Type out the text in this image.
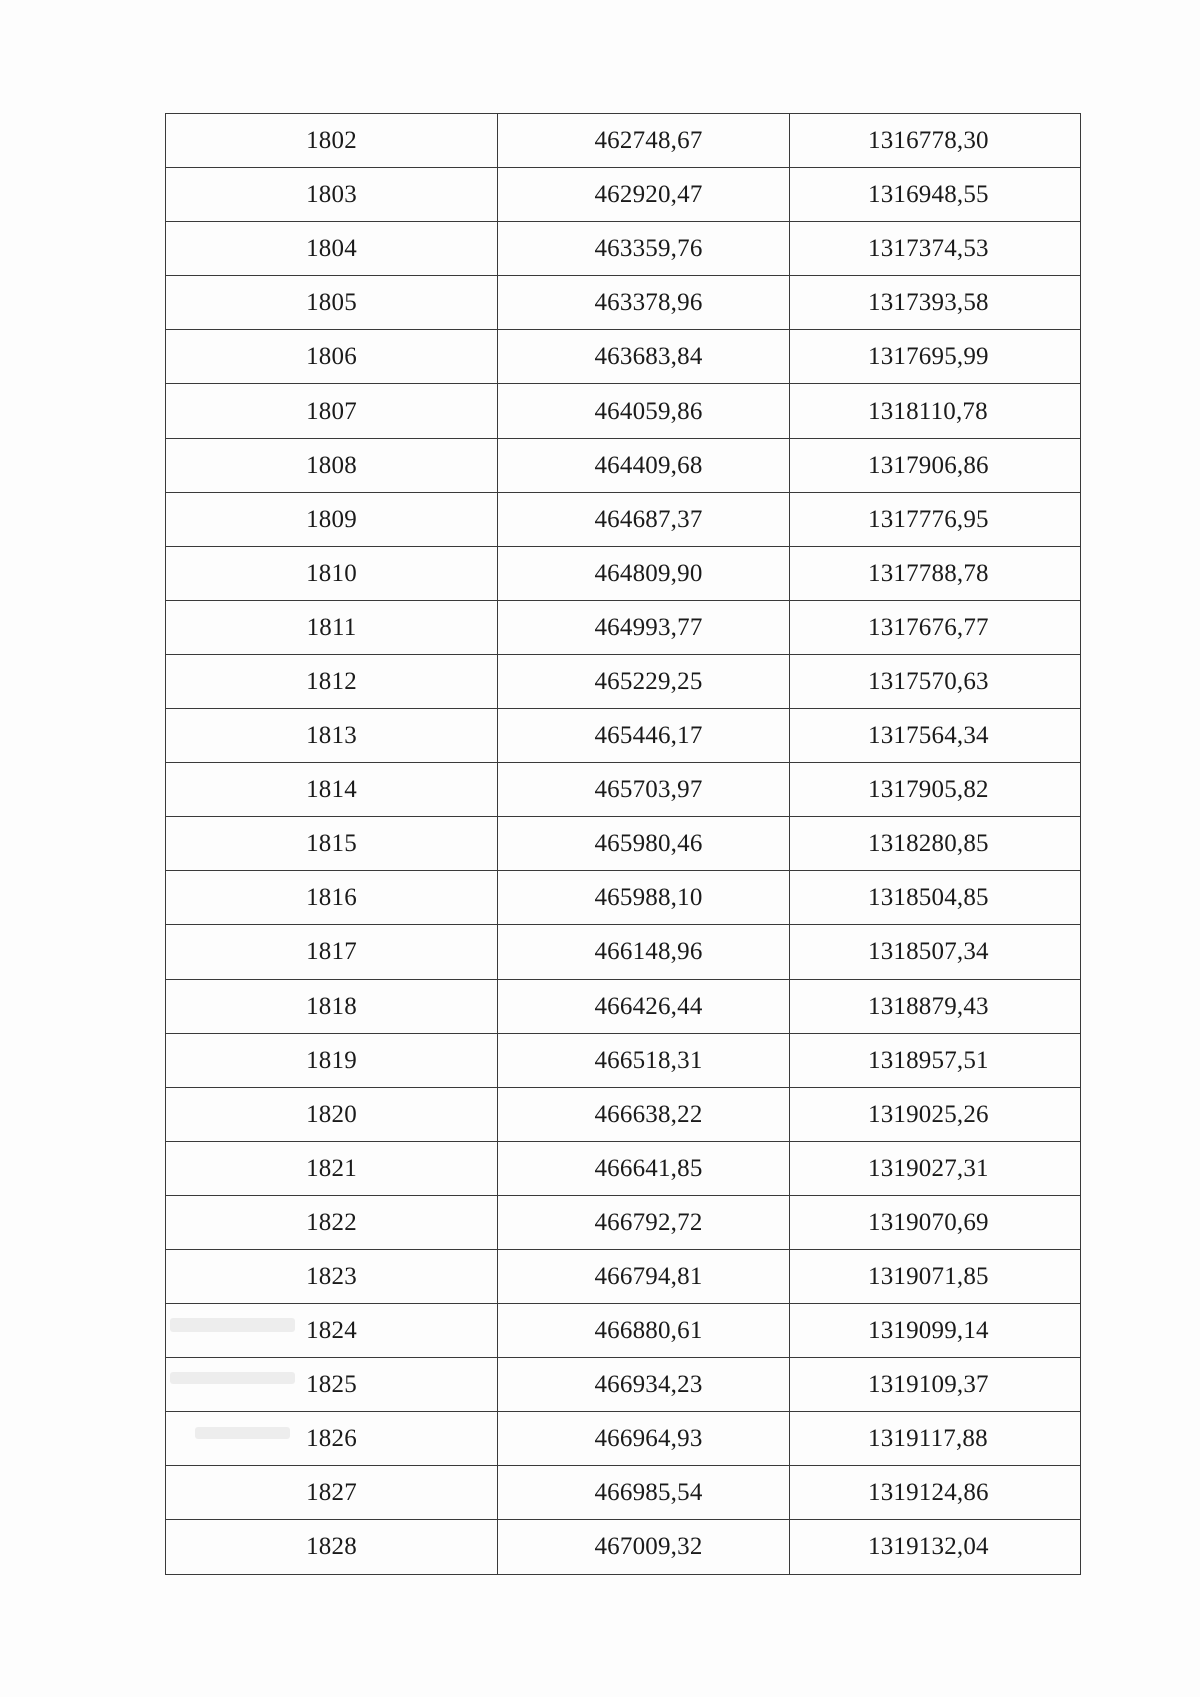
1802	462748,67	1316778,30
1803	462920,47	1316948,55
1804	463359,76	1317374,53
1805	463378,96	1317393,58
1806	463683,84	1317695,99
1807	464059,86	1318110,78
1808	464409,68	1317906,86
1809	464687,37	1317776,95
1810	464809,90	1317788,78
1811	464993,77	1317676,77
1812	465229,25	1317570,63
1813	465446,17	1317564,34
1814	465703,97	1317905,82
1815	465980,46	1318280,85
1816	465988,10	1318504,85
1817	466148,96	1318507,34
1818	466426,44	1318879,43
1819	466518,31	1318957,51
1820	466638,22	1319025,26
1821	466641,85	1319027,31
1822	466792,72	1319070,69
1823	466794,81	1319071,85
1824	466880,61	1319099,14
1825	466934,23	1319109,37
1826	466964,93	1319117,88
1827	466985,54	1319124,86
1828	467009,32	1319132,04
